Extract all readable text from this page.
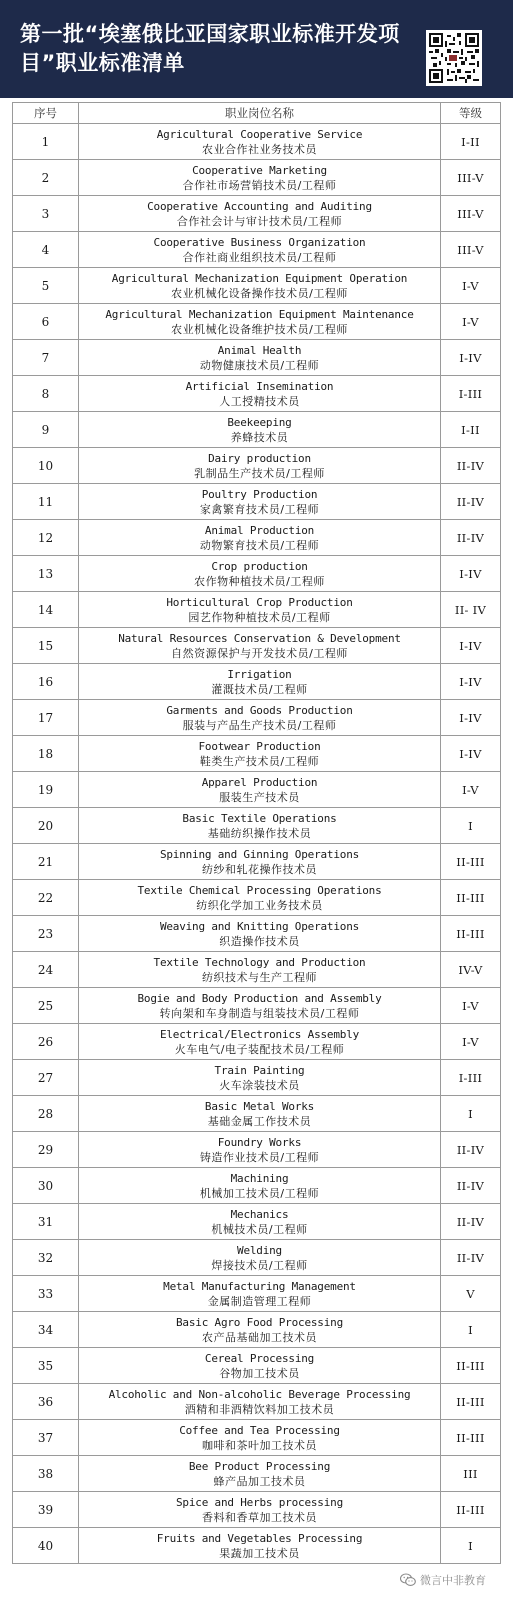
第一批“埃塞俄比亚国家职业标准开发项目”职业标准清单
序号	职业岗位名称	等级
1	Agricultural Cooperative Service
农业合作社业务技术员	I-II
2	Cooperative Marketing
合作社市场营销技术员/工程师	III-V
3	Cooperative Accounting and Auditing
合作社会计与审计技术员/工程师	III-V
4	Cooperative Business Organization
合作社商业组织技术员/工程师	III-V
5	Agricultural Mechanization Equipment Operation
农业机械化设备操作技术员/工程师	I-V
6	Agricultural Mechanization Equipment Maintenance
农业机械化设备维护技术员/工程师	I-V
7	Animal Health
动物健康技术员/工程师	I-IV
8	Artificial Insemination
人工授精技术员	I-III
9	Beekeeping
养蜂技术员	I-II
10	Dairy production
乳制品生产技术员/工程师	II-IV
11	Poultry Production
家禽繁育技术员/工程师	II-IV
12	Animal Production
动物繁育技术员/工程师	II-IV
13	Crop production
农作物种植技术员/工程师	I-IV
14	Horticultural Crop Production
园艺作物种植技术员/工程师	II- IV
15	Natural Resources Conservation & Development
自然资源保护与开发技术员/工程师	I-IV
16	Irrigation
灌溉技术员/工程师	I-IV
17	Garments and Goods Production
服装与产品生产技术员/工程师	I-IV
18	Footwear Production
鞋类生产技术员/工程师	I-IV
19	Apparel Production
服装生产技术员	I-V
20	Basic Textile Operations
基础纺织操作技术员	I
21	Spinning and Ginning Operations
纺纱和轧花操作技术员	II-III
22	Textile Chemical Processing Operations
纺织化学加工业务技术员	II-III
23	Weaving and Knitting Operations
织造操作技术员	II-III
24	Textile Technology and Production
纺织技术与生产工程师	IV-V
25	Bogie and Body Production and Assembly
转向架和车身制造与组装技术员/工程师	I-V
26	Electrical/Electronics Assembly
火车电气/电子装配技术员/工程师	I-V
27	Train Painting
火车涂装技术员	I-III
28	Basic Metal Works
基础金属工作技术员	I
29	Foundry Works
铸造作业技术员/工程师	II-IV
30	Machining
机械加工技术员/工程师	II-IV
31	Mechanics
机械技术员/工程师	II-IV
32	Welding
焊接技术员/工程师	II-IV
33	Metal Manufacturing Management
金属制造管理工程师	V
34	Basic Agro Food Processing
农产品基础加工技术员	I
35	Cereal Processing
谷物加工技术员	II-III
36	Alcoholic and Non-alcoholic Beverage Processing
酒精和非酒精饮料加工技术员	II-III
37	Coffee and Tea Processing
咖啡和茶叶加工技术员	II-III
38	Bee Product Processing
蜂产品加工技术员	III
39	Spice and Herbs processing
香料和香草加工技术员	II-III
40	Fruits and Vegetables Processing
果蔬加工技术员	I
微言中非教育
